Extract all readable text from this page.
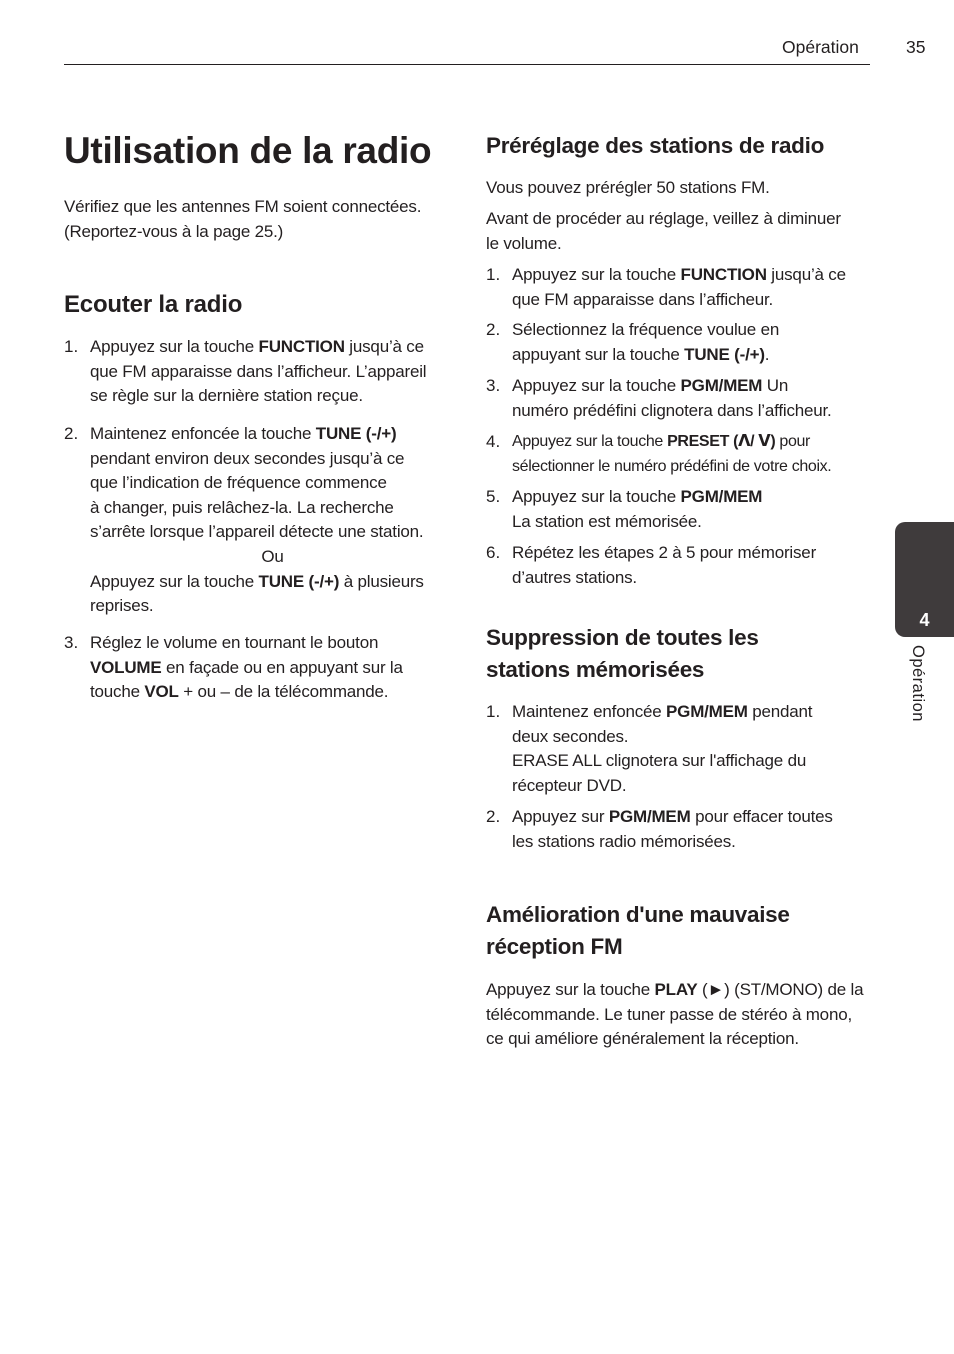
Opération	35
4
Opération
Utilisation de la radio

Vérifiez que les antennes FM soient connectées.
(Reportez-vous à la page 25.)

Ecouter la radio
1. Appuyez sur la touche FUNCTION jusqu’à ce
que FM apparaisse dans l’afficheur. L’appareil
se règle sur la dernière station reçue.

2. Maintenez enfoncée la touche TUNE (-/+)
pendant environ deux secondes jusqu’à ce
que l’indication de fréquence commence
à changer, puis relâchez-la. La recherche
s’arrête lorsque l’appareil détecte une station.

Ou
Appuyez sur la touche TUNE (-/+) à plusieurs
reprises.

3. Réglez le volume en tournant le bouton
VOLUME en façade ou en appuyant sur la
touche VOL + ou – de la télécommande.

Préréglage des stations de radio

Vous pouvez prérégler 50 stations FM.

Avant de procéder au réglage, veillez à diminuer
le volume.

1. Appuyez sur la touche FUNCTION jusqu’à ce
que FM apparaisse dans l’afficheur.

2. Sélectionnez la fréquence voulue en
appuyant sur la touche TUNE (-/+).

3. Appuyez sur la touche PGM/MEM Un
numéro prédéfini clignotera dans l’afficheur.

4. Appuyez sur la touche PRESET (ᐱ/ ᐯ) pour
sélectionner le numéro prédéfini de votre choix.

5. Appuyez sur la touche PGM/MEM
La station est mémorisée.

6. Répétez les étapes 2 à 5 pour mémoriser
d’autres stations.

Suppression de toutes les
stations mémorisées
1. Maintenez enfoncée PGM/MEM pendant
deux secondes.
ERASE ALL clignotera sur l'affichage du
récepteur DVD.

2. Appuyez sur PGM/MEM pour effacer toutes
les stations radio mémorisées.

Amélioration d'une mauvaise
réception FM

Appuyez sur la touche PLAY (►) (ST/MONO) de la
télécommande. Le tuner passe de stéréo à mono,
ce qui améliore généralement la réception.
